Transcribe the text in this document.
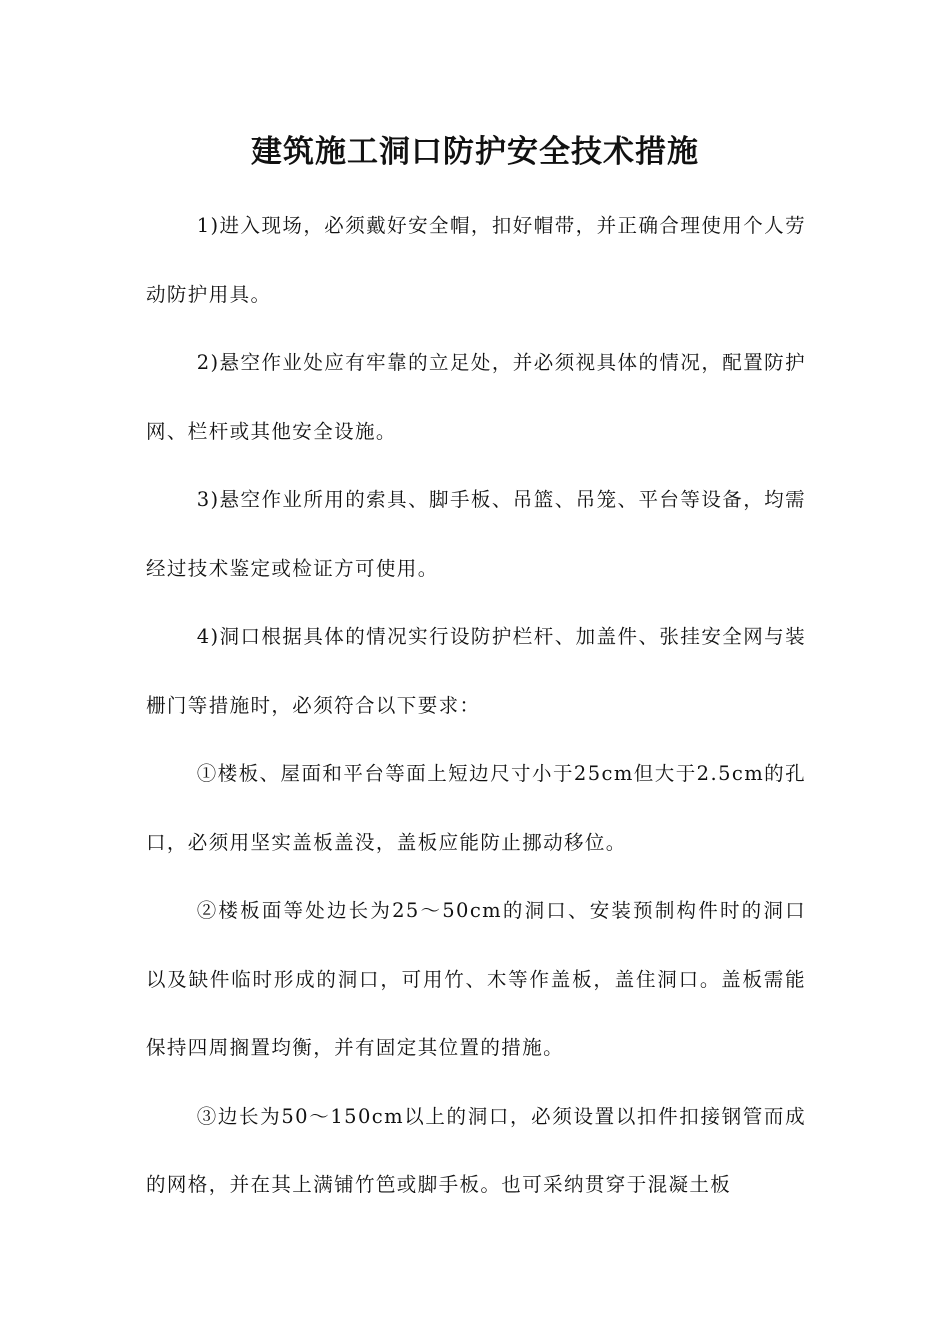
建筑施工洞口防护安全技术措施

1)进入现场，必须戴好安全帽，扣好帽带，并正确合理使用个人劳动防护用具。

2)悬空作业处应有牢靠的立足处，并必须视具体的情况，配置防护网、栏杆或其他安全设施。

3)悬空作业所用的索具、脚手板、吊篮、吊笼、平台等设备，均需经过技术鉴定或检证方可使用。

4)洞口根据具体的情况实行设防护栏杆、加盖件、张挂安全网与装栅门等措施时，必须符合以下要求：

①楼板、屋面和平台等面上短边尺寸小于25cm但大于2.5cm的孔口，必须用坚实盖板盖没，盖板应能防止挪动移位。

②楼板面等处边长为25～50cm的洞口、安装预制构件时的洞口以及缺件临时形成的洞口，可用竹、木等作盖板，盖住洞口。盖板需能保持四周搁置均衡，并有固定其位置的措施。

③边长为50～150cm以上的洞口，必须设置以扣件扣接钢管而成的网格，并在其上满铺竹笆或脚手板。也可采纳贯穿于混凝土板
